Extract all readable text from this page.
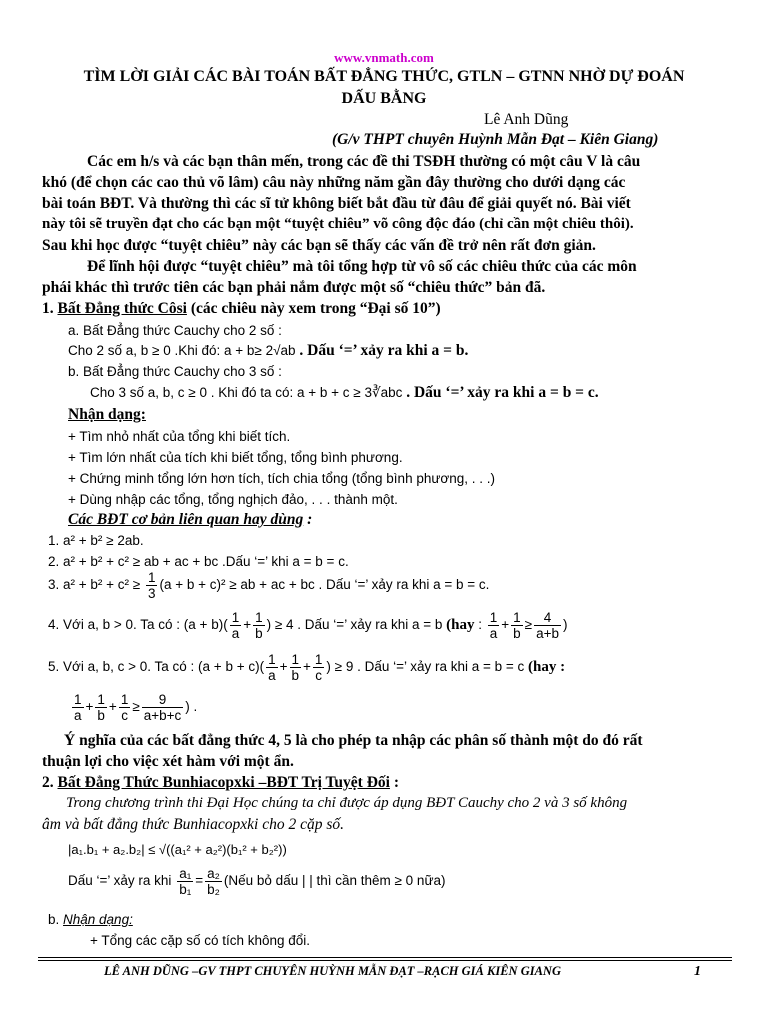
www.vnmath.com
TÌM LỜI GIẢI CÁC BÀI TOÁN BẤT ĐẲNG THỨC, GTLN – GTNN NHỜ DỰ ĐOÁN
DẤU BẰNG
Lê Anh Dũng
(G/v THPT chuyên Huỳnh Mẫn Đạt – Kiên Giang)
Các em h/s và các bạn thân mến, trong các đề thi TSĐH thường có một câu V là câu
khó (để chọn các cao thủ võ lâm) câu này những năm gần đây thường cho dưới dạng các
bài toán BĐT. Và thường thì các sĩ tử không biết bắt đầu từ đâu để giải quyết nó. Bài viết
này tôi sẽ truyền đạt cho các bạn một “tuyệt chiêu” võ công độc đáo (chỉ cần một chiêu thôi).
Sau khi học được “tuyệt chiêu” này các bạn sẽ thấy các vấn đề trở nên rất đơn giản.
Để lĩnh hội được “tuyệt chiêu” mà tôi tổng hợp từ vô số các chiêu thức của các môn
phái khác thì trước tiên các bạn phải nắm được một số “chiêu thức” bản đã.
1. Bất Đẳng thức Côsi (các chiêu này xem trong “Đại số 10”)
a. Bất Đẳng thức Cauchy cho 2 số :
Cho 2 số a, b ≥ 0 .Khi đó: a + b≥ 2√ab . Dấu ‘=’ xảy ra khi a = b.
b. Bất Đẳng thức Cauchy cho 3 số :
Cho 3 số a, b, c ≥ 0 . Khi đó ta có: a + b + c ≥ 3∛abc . Dấu ‘=’ xảy ra khi a = b = c.
Nhận dạng:
+ Tìm nhỏ nhất của tổng khi biết tích.
+ Tìm lớn nhất của tích khi biết tổng, tổng bình phương.
+ Chứng minh tổng lớn hơn tích, tích chia tổng (tổng bình phương, . . .)
+ Dùng nhập các tổng, tổng nghịch đảo, . . . thành một.
Các BĐT cơ bản liên quan hay dùng :
1. a² + b² ≥ 2ab.
2. a² + b² + c² ≥ ab + ac + bc .Dấu ‘=’ khi a = b = c.
3. $a^2 + b^2 + c^2 \ge \frac{1}{3} (a + b + c)^2$ ≥ ab + ac + bc . Dấu ‘=’ xảy ra khi a = b = c.
4. Với a, b > 0. Ta có : $(a + b)( \frac{1}{a} + \frac{1}{b}$ ) ≥ 4 . Dấu ‘=’ xảy ra khi a = b (hay : $\frac{1}{a} + \frac{1}{b} \ge \frac{4}{a+b}$ )
5. Với a, b, c > 0. Ta có : $(a + b + c)( \frac{1}{a} + \frac{1}{b} + \frac{1}{c}$ ) ≥ 9 . Dấu ‘=’ xảy ra khi a = b = c (hay :
$\frac{1}{a} + \frac{1}{b} + \frac{1}{c} \ge \frac{9}{a+b+c}$ ) .
Ý nghĩa của các bất đẳng thức 4, 5 là cho phép ta nhập các phân số thành một do đó rất
thuận lợi cho việc xét hàm với một ẩn.
2. Bất Đẳng Thức Bunhiacopxki –BĐT Trị Tuyệt Đối :
Trong chương trình thi Đại Học chúng ta chỉ được áp dụng BĐT Cauchy cho 2 và 3 số không
âm và bất đẳng thức Bunhiacopxki cho 2 cặp số.
|a₁.b₁ + a₂.b₂| ≤ √((a₁² + a₂²)(b₁² + b₂²))
Dấu ‘=’ xảy ra khi $\frac{\text{a₁}}{\text{b₁}} = \frac{\text{a₂}}{\text{b₂}}$ (Nếu bỏ dấu | | thì cần thêm ≥ 0 nữa)
b. Nhận dạng:
+ Tổng các cặp số có tích không đổi.
LÊ ANH DŨNG –GV THPT CHUYÊN HUỲNH MẪN ĐẠT –RẠCH GIÁ KIÊN GIANG	1
